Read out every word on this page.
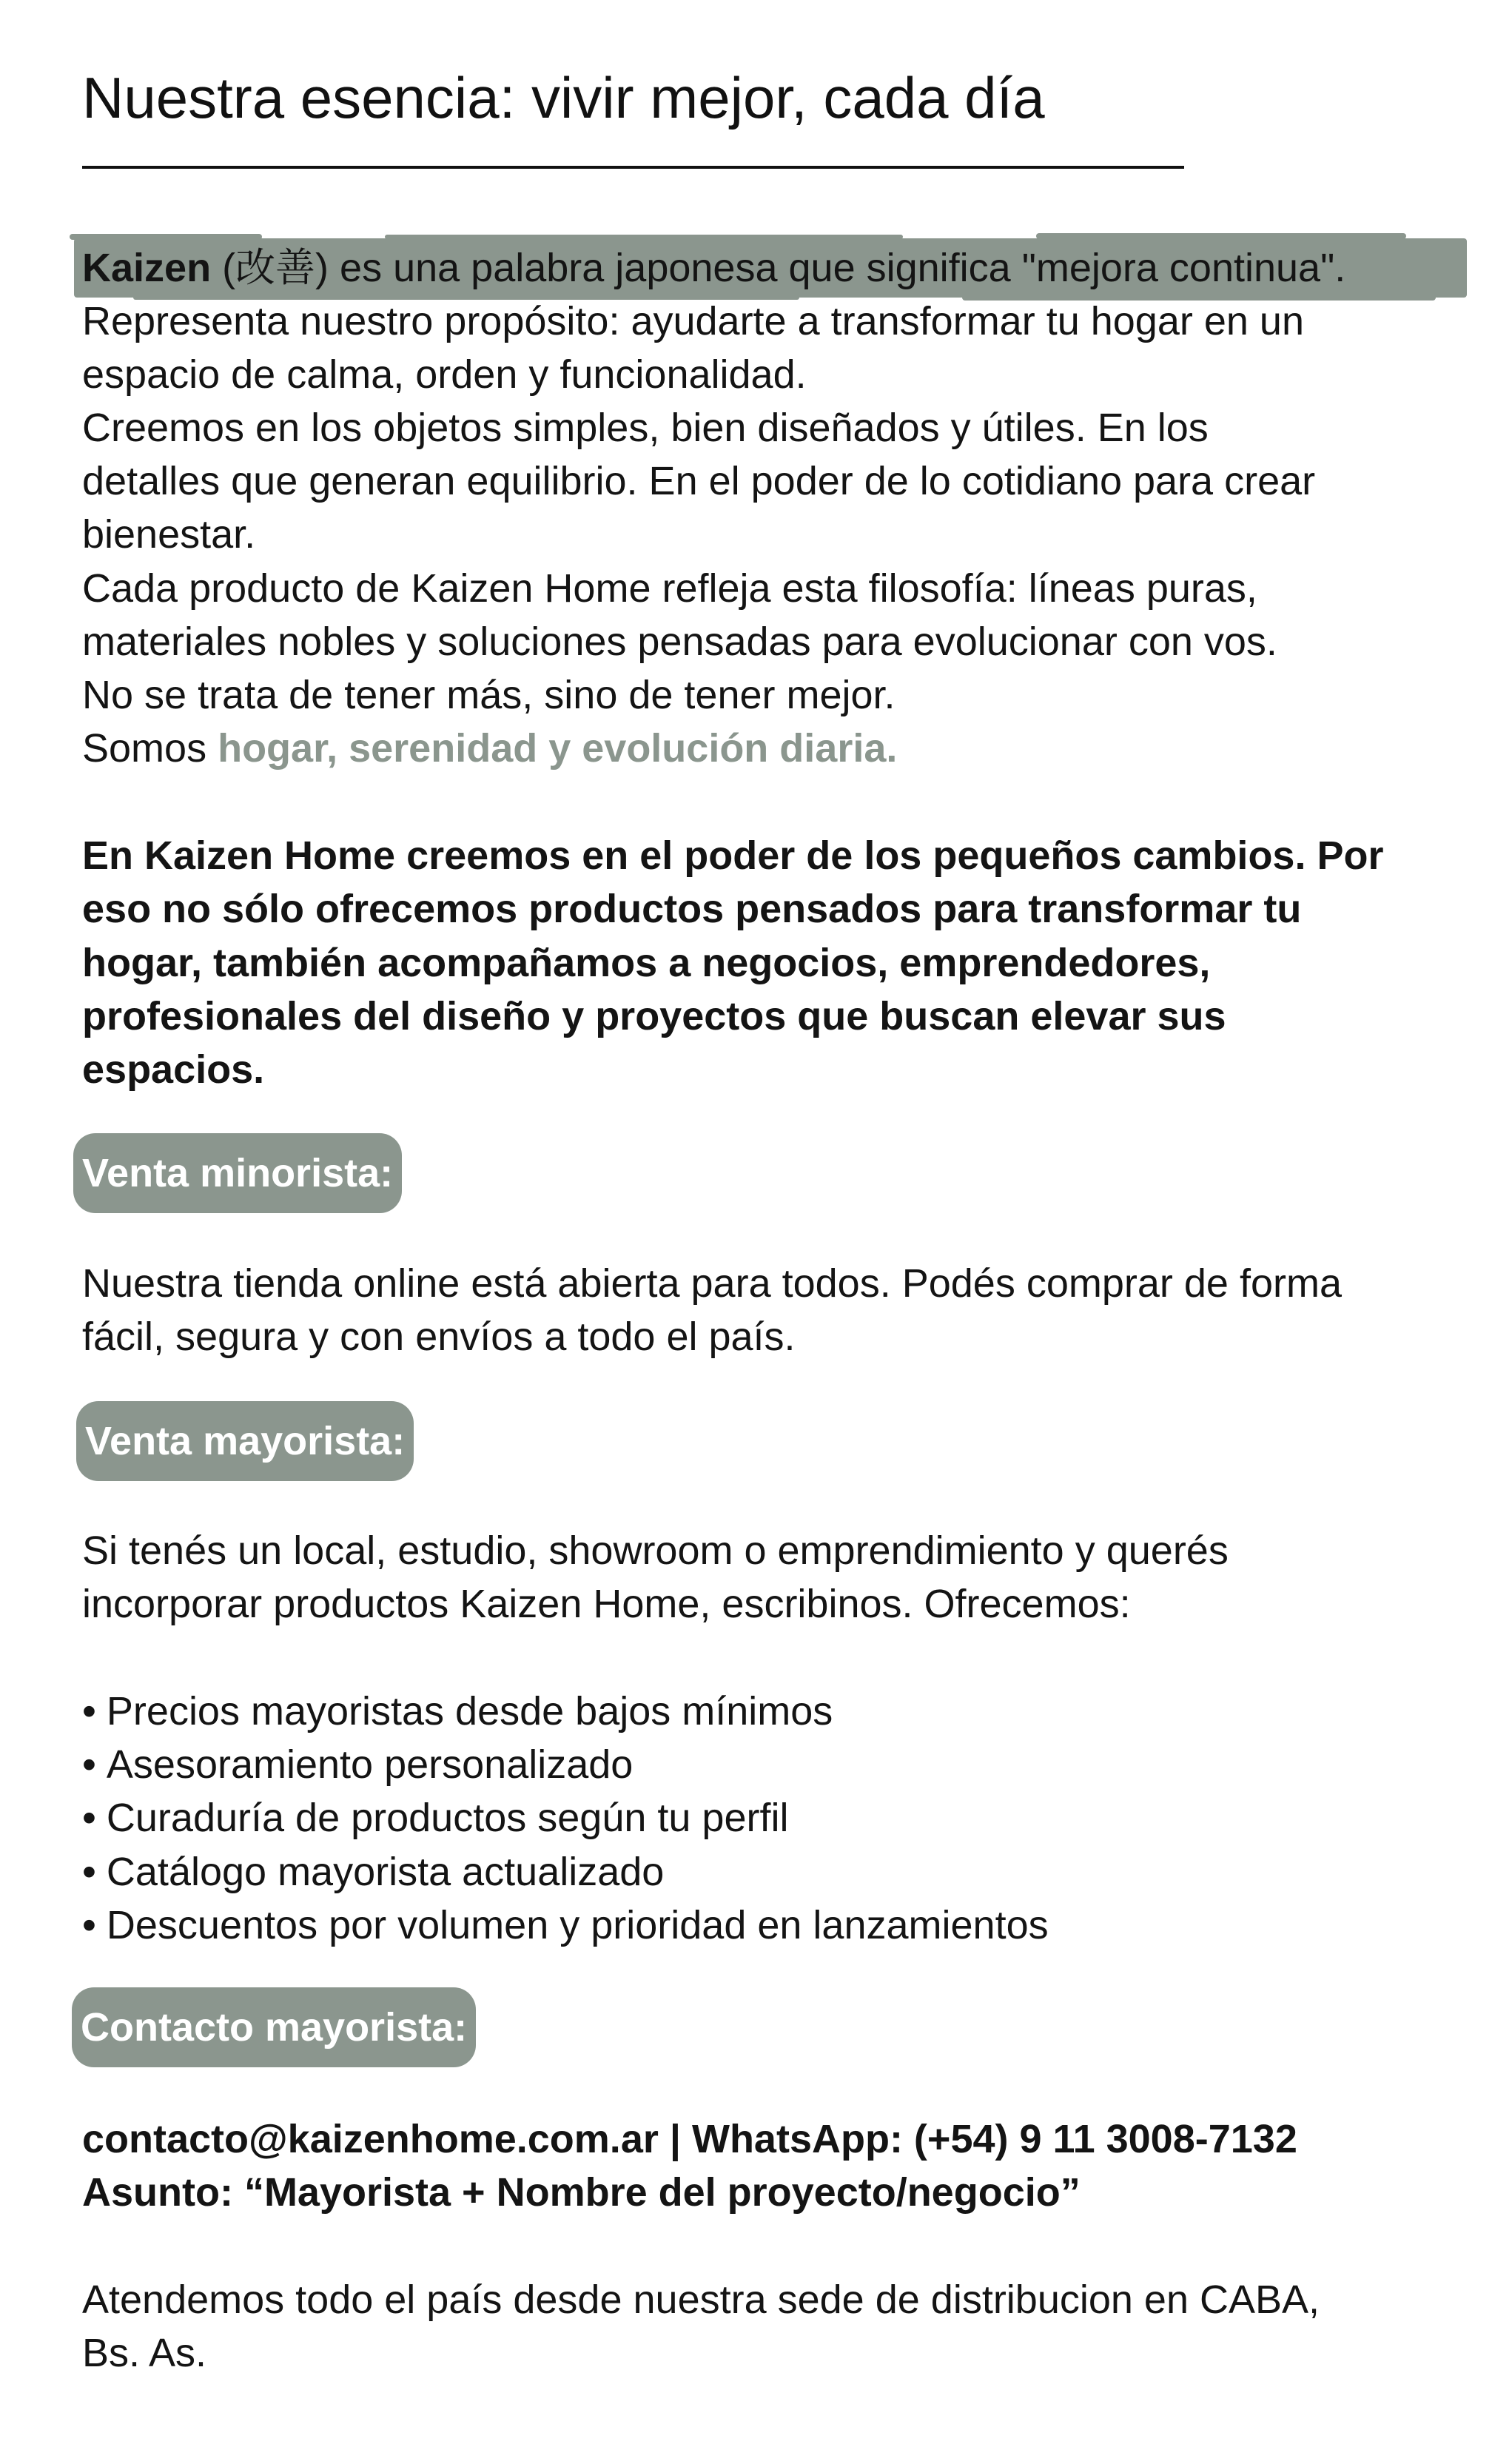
Nuestra esencia: vivir mejor, cada día
Kaizen (改善) es una palabra japonesa que significa "mejora continua".
Representa nuestro propósito: ayudarte a transformar tu hogar en un
espacio de calma, orden y funcionalidad.
Creemos en los objetos simples, bien diseñados y útiles. En los
detalles que generan equilibrio. En el poder de lo cotidiano para crear
bienestar.
Cada producto de Kaizen Home refleja esta filosofía: líneas puras,
materiales nobles y soluciones pensadas para evolucionar con vos.
No se trata de tener más, sino de tener mejor.
Somos hogar, serenidad y evolución diaria.
En Kaizen Home creemos en el poder de los pequeños cambios. Por
eso no sólo ofrecemos productos pensados para transformar tu
hogar, también acompañamos a negocios, emprendedores,
profesionales del diseño y proyectos que buscan elevar sus
espacios.
Venta minorista:
Nuestra tienda online está abierta para todos. Podés comprar de forma
fácil, segura y con envíos a todo el país.
Venta mayorista:
Si tenés un local, estudio, showroom o emprendimiento y querés
incorporar productos Kaizen Home, escribinos. Ofrecemos:
• Precios mayoristas desde bajos mínimos
• Asesoramiento personalizado
• Curaduría de productos según tu perfil
• Catálogo mayorista actualizado
• Descuentos por volumen y prioridad en lanzamientos
Contacto mayorista:
contacto@kaizenhome.com.ar | WhatsApp: (+54) 9 11 3008-7132
Asunto: “Mayorista + Nombre del proyecto/negocio”
Atendemos todo el país desde nuestra sede de distribucion en CABA,
Bs. As.
